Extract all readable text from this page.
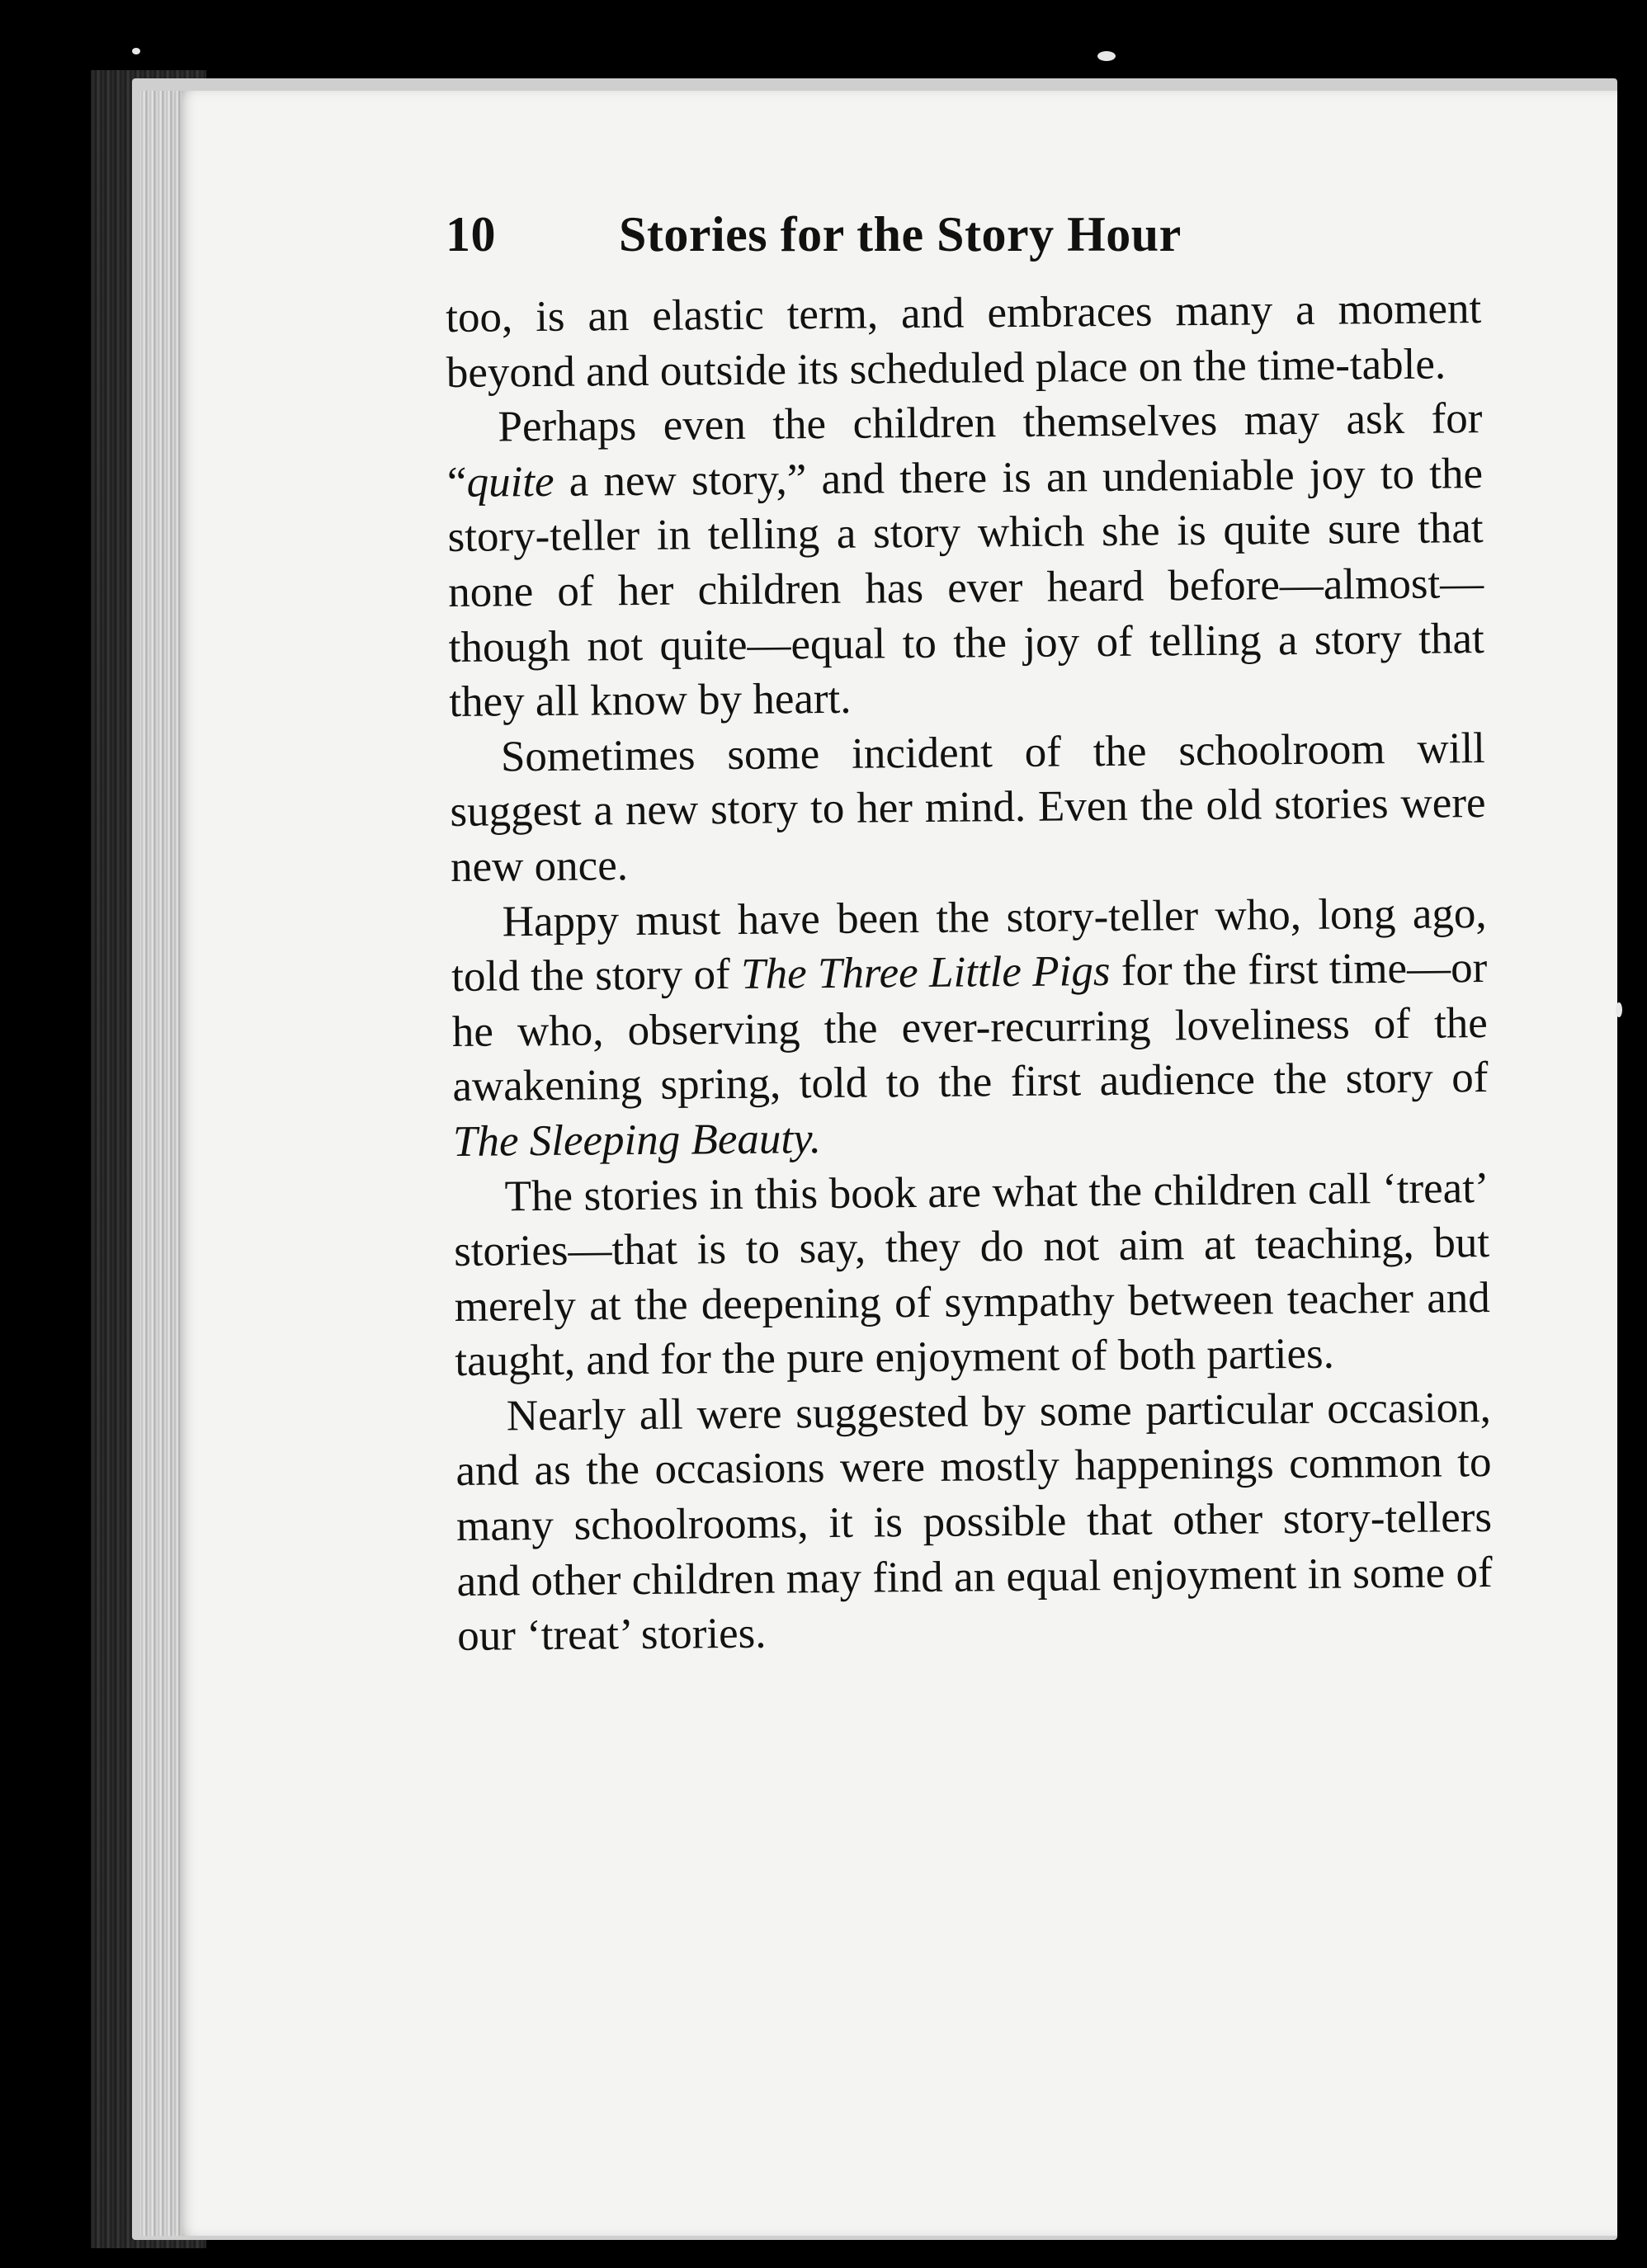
10 Stories for the Story Hour

too, is an elastic term, and embraces many a moment beyond and outside its scheduled place on the time-table.

Perhaps even the children themselves may ask for “quite a new story,” and there is an undeniable joy to the story-teller in telling a story which she is quite sure that none of her children has ever heard before—almost—though not quite—equal to the joy of telling a story that they all know by heart.

Sometimes some incident of the schoolroom will suggest a new story to her mind. Even the old stories were new once.

Happy must have been the story-teller who, long ago, told the story of The Three Little Pigs for the first time—or he who, observing the ever-recurring loveliness of the awakening spring, told to the first audience the story of The Sleeping Beauty.

The stories in this book are what the children call ‘treat’ stories—that is to say, they do not aim at teaching, but merely at the deepening of sympathy between teacher and taught, and for the pure enjoyment of both parties.

Nearly all were suggested by some particular occasion, and as the occasions were mostly happenings common to many schoolrooms, it is possible that other story-tellers and other children may find an equal enjoyment in some of our ‘treat’ stories.
